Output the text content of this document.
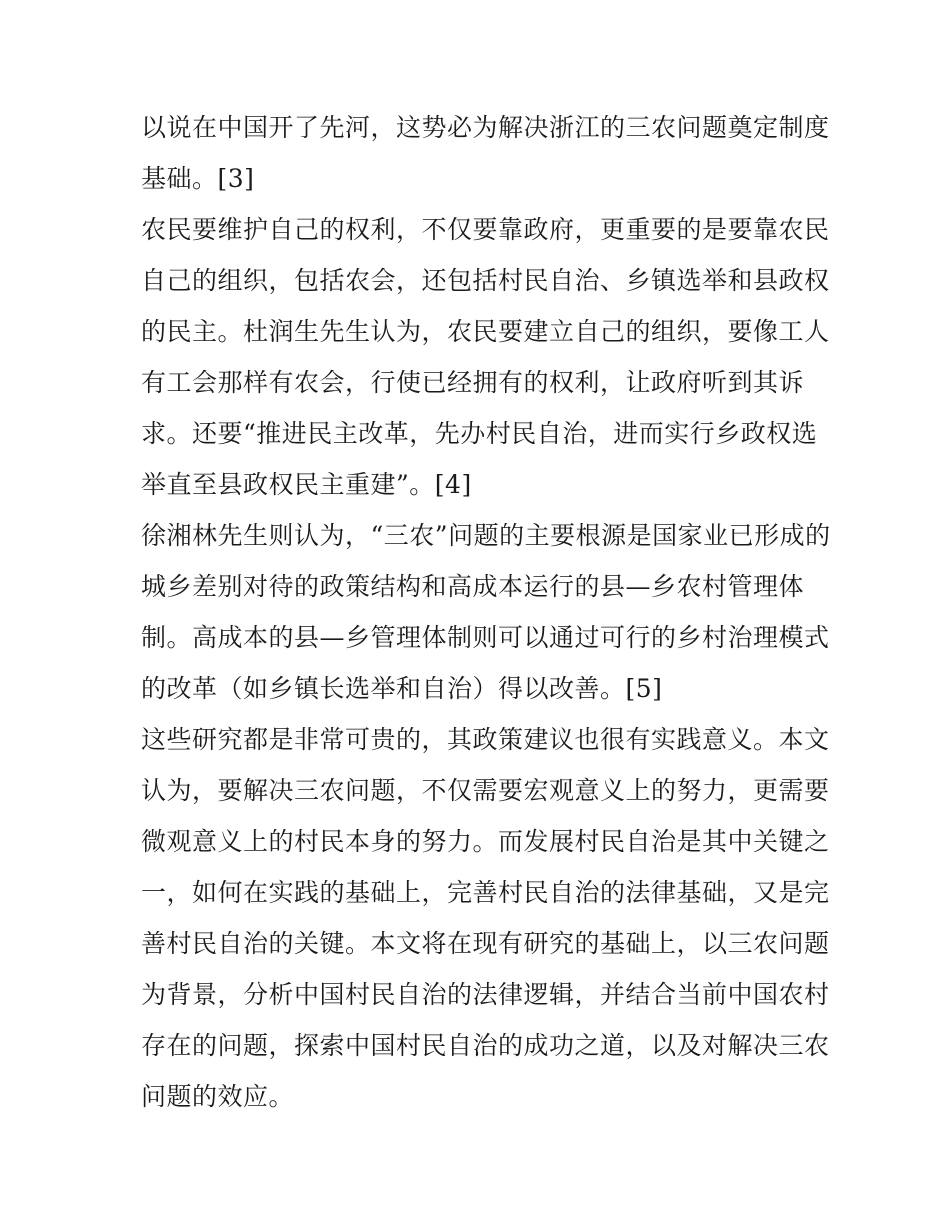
以说在中国开了先河，这势必为解决浙江的三农问题奠定制度
基础。[3]
农民要维护自己的权利，不仅要靠政府，更重要的是要靠农民
自己的组织，包括农会，还包括村民自治、乡镇选举和县政权
的民主。杜润生先生认为，农民要建立自己的组织，要像工人
有工会那样有农会，行使已经拥有的权利，让政府听到其诉
求。还要“推进民主改革，先办村民自治，进而实行乡政权选
举直至县政权民主重建”。[4]
徐湘林先生则认为，“三农”问题的主要根源是国家业已形成的
城乡差别对待的政策结构和高成本运行的县—乡农村管理体
制。高成本的县—乡管理体制则可以通过可行的乡村治理模式
的改革（如乡镇长选举和自治）得以改善。[5]
这些研究都是非常可贵的，其政策建议也很有实践意义。本文
认为，要解决三农问题，不仅需要宏观意义上的努力，更需要
微观意义上的村民本身的努力。而发展村民自治是其中关键之
一，如何在实践的基础上，完善村民自治的法律基础，又是完
善村民自治的关键。本文将在现有研究的基础上，以三农问题
为背景，分析中国村民自治的法律逻辑，并结合当前中国农村
存在的问题，探索中国村民自治的成功之道，以及对解决三农
问题的效应。
